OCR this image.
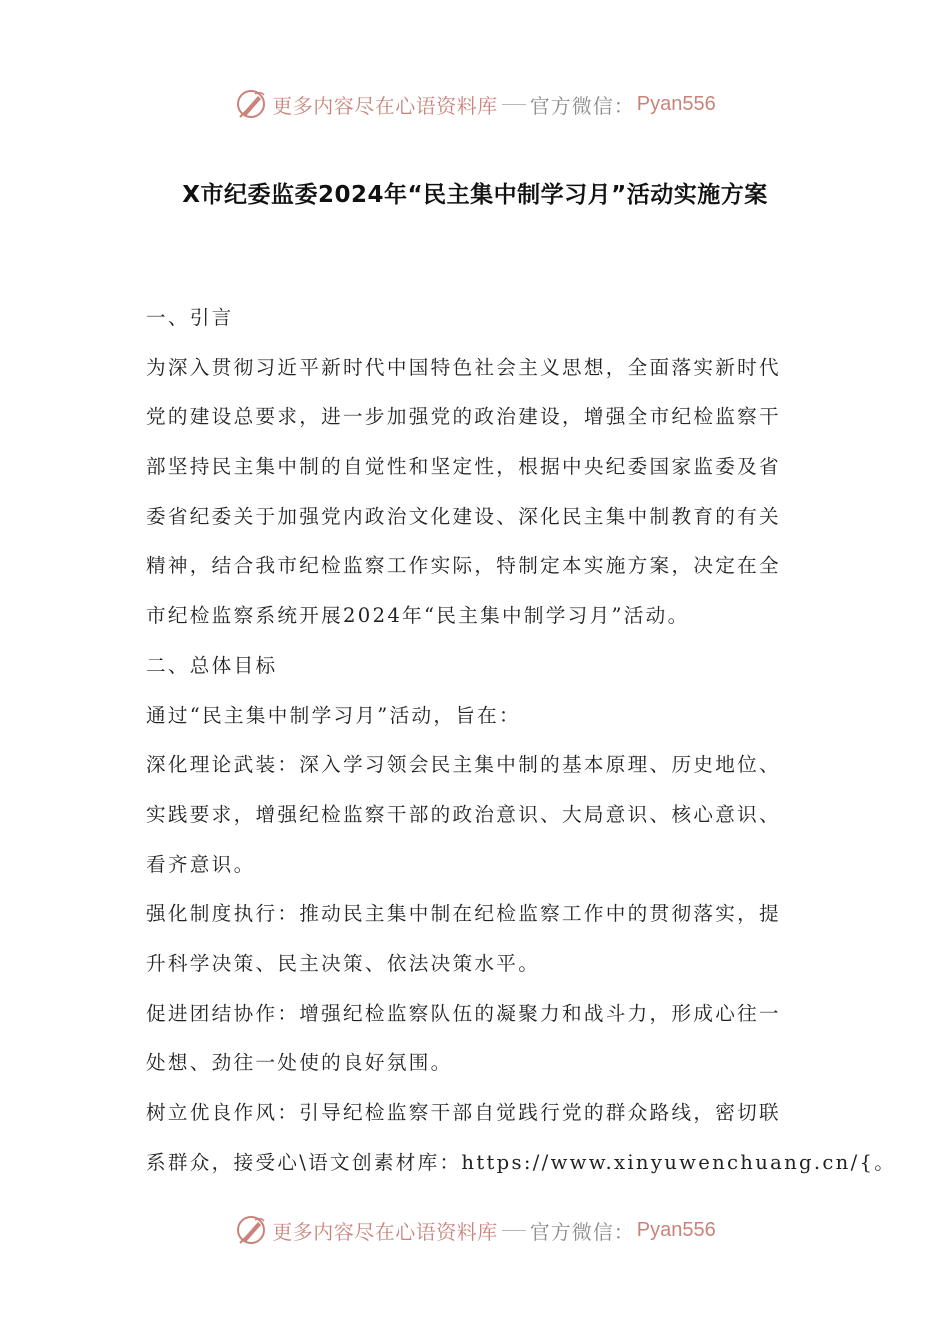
更多内容尽在心语资料库 官方微信： Pyan556
X市纪委监委2024年“民主集中制学习月”活动实施方案
一、引言
为深入贯彻习近平新时代中国特色社会主义思想，全面落实新时代
党的建设总要求，进一步加强党的政治建设，增强全市纪检监察干
部坚持民主集中制的自觉性和坚定性，根据中央纪委国家监委及省
委省纪委关于加强党内政治文化建设、深化民主集中制教育的有关
精神，结合我市纪检监察工作实际，特制定本实施方案，决定在全
市纪检监察系统开展2024年“民主集中制学习月”活动。
二、总体目标
通过“民主集中制学习月”活动，旨在：
深化理论武装：深入学习领会民主集中制的基本原理、历史地位、
实践要求，增强纪检监察干部的政治意识、大局意识、核心意识、
看齐意识。
强化制度执行：推动民主集中制在纪检监察工作中的贯彻落实，提
升科学决策、民主决策、依法决策水平。
促进团结协作：增强纪检监察队伍的凝聚力和战斗力，形成心往一
处想、劲往一处使的良好氛围。
树立优良作风：引导纪检监察干部自觉践行党的群众路线，密切联
系群众，接受心\语文创素材库：https://www.xinyuwenchuang.cn/{。
更多内容尽在心语资料库 官方微信： Pyan556
